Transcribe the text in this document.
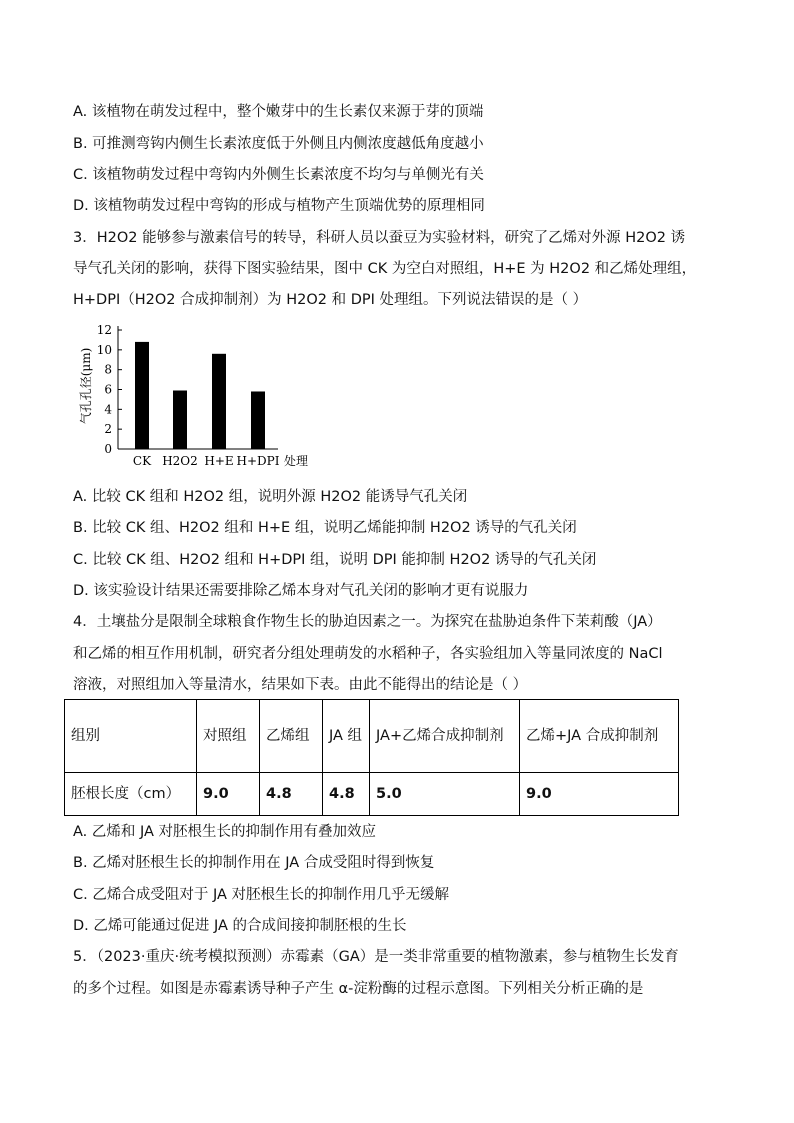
A. 该植物在萌发过程中，整个嫩芽中的生长素仅来源于芽的顶端
B. 可推测弯钩内侧生长素浓度低于外侧且内侧浓度越低角度越小
C. 该植物萌发过程中弯钩内外侧生长素浓度不均匀与单侧光有关
D. 该植物萌发过程中弯钩的形成与植物产生顶端优势的原理相同
3．H2O2 能够参与激素信号的转导，科研人员以蚕豆为实验材料，研究了乙烯对外源 H2O2 诱
导气孔关闭的影响，获得下图实验结果，图中 CK 为空白对照组，H+E 为 H2O2 和乙烯处理组，
H+DPI（H2O2 合成抑制剂）为 H2O2 和 DPI 处理组。下列说法错误的是（ ）
气孔孔径(μm)
处理
0
2
4
6
8
10
12
CK H2O2 H+E H+DPI
A. 比较 CK 组和 H2O2 组，说明外源 H2O2 能诱导气孔关闭
B. 比较 CK 组、H2O2 组和 H+E 组，说明乙烯能抑制 H2O2 诱导的气孔关闭
C. 比较 CK 组、H2O2 组和 H+DPI 组，说明 DPI 能抑制 H2O2 诱导的气孔关闭
D. 该实验设计结果还需要排除乙烯本身对气孔关闭的影响才更有说服力
4．土壤盐分是限制全球粮食作物生长的胁迫因素之一。为探究在盐胁迫条件下茉莉酸（JA）
和乙烯的相互作用机制，研究者分组处理萌发的水稻种子，各实验组加入等量同浓度的 NaCl
溶液，对照组加入等量清水，结果如下表。由此不能得出的结论是（ ）
组别	对照组	乙烯组	JA 组	JA+乙烯合成抑制剂	乙烯+JA 合成抑制剂
胚根长度（cm）	9.0	4.8	4.8	5.0	9.0
A. 乙烯和 JA 对胚根生长的抑制作用有叠加效应
B. 乙烯对胚根生长的抑制作用在 JA 合成受阻时得到恢复
C. 乙烯合成受阻对于 JA 对胚根生长的抑制作用几乎无缓解
D. 乙烯可能通过促进 JA 的合成间接抑制胚根的生长
5．（2023·重庆·统考模拟预测）赤霉素（GA）是一类非常重要的植物激素，参与植物生长发育
的多个过程。如图是赤霉素诱导种子产生 α-淀粉酶的过程示意图。下列相关分析正确的是
